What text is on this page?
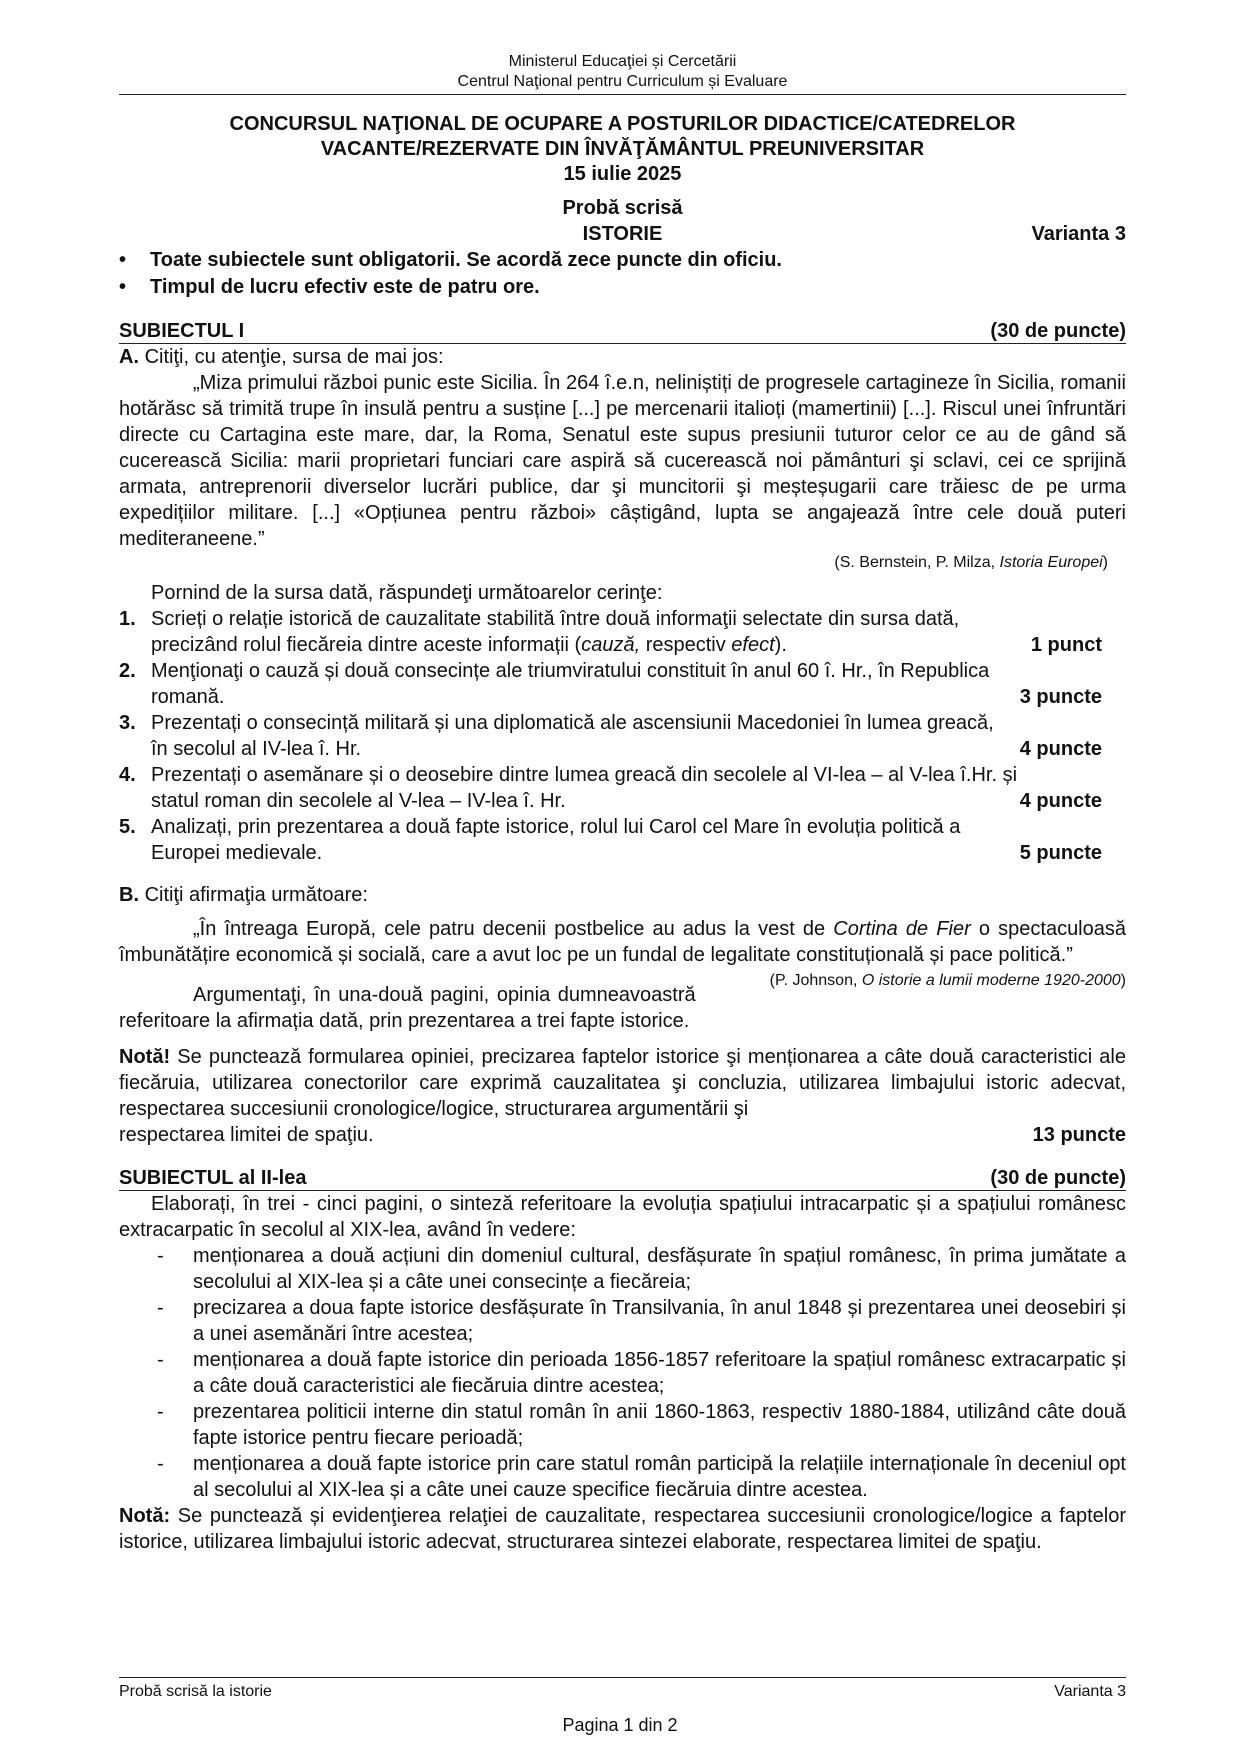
Ministerul Educaţiei și Cercetării
Centrul Naţional pentru Curriculum și Evaluare
CONCURSUL NAŢIONAL DE OCUPARE A POSTURILOR DIDACTICE/CATEDRELOR
VACANTE/REZERVATE DIN ÎNVĂŢĂMÂNTUL PREUNIVERSITAR
15 iulie 2025
Probă scrisă
ISTORIE	Varianta 3
• Toate subiectele sunt obligatorii. Se acordă zece puncte din oficiu.
• Timpul de lucru efectiv este de patru ore.
SUBIECTUL I	(30 de puncte)
A. Citiţi, cu atenţie, sursa de mai jos:
„Miza primului război punic este Sicilia. În 264 î.e.n, neliniștiți de progresele cartagineze în Sicilia, romanii hotărăsc să trimită trupe în insulă pentru a susține [...] pe mercenarii italioți (mamertinii) [...]. Riscul unei înfruntări directe cu Cartagina este mare, dar, la Roma, Senatul este supus presiunii tuturor celor ce au de gând să cucerească Sicilia: marii proprietari funciari care aspiră să cucerească noi pământuri şi sclavi, cei ce sprijină armata, antreprenorii diverselor lucrări publice, dar şi muncitorii şi meșteșugarii care trăiesc de pe urma expedițiilor militare. [...] «Opțiunea pentru război» câștigând, lupta se angajează între cele două puteri mediteraneene.”
(S. Bernstein, P. Milza, Istoria Europei)
Pornind de la sursa dată, răspundeţi următoarelor cerinţe:
1. Scrieți o relație istorică de cauzalitate stabilită între două informaţii selectate din sursa dată,
precizând rolul fiecăreia dintre aceste informații (cauză, respectiv efect).	1 punct
2. Menţionaţi o cauză și două consecințe ale triumviratului constituit în anul 60 î. Hr., în Republica
romană.	3 puncte
3. Prezentați o consecință militară și una diplomatică ale ascensiunii Macedoniei în lumea greacă,
în secolul al IV-lea î. Hr.	4 puncte
4. Prezentați o asemănare și o deosebire dintre lumea greacă din secolele al VI-lea – al V-lea î.Hr. și
statul roman din secolele al V-lea – IV-lea î. Hr.	4 puncte
5. Analizați, prin prezentarea a două fapte istorice, rolul lui Carol cel Mare în evoluția politică a
Europei medievale.	5 puncte
B. Citiţi afirmaţia următoare:
„În întreaga Europă, cele patru decenii postbelice au adus la vest de Cortina de Fier o spectaculoasă îmbunătățire economică și socială, care a avut loc pe un fundal de legalitate constituțională și pace politică.”
(P. Johnson, O istorie a lumii moderne 1920-2000)
Argumentaţi, în una-două pagini, opinia dumneavoastră referitoare la afirmația dată, prin prezentarea a trei fapte istorice.
Notă! Se punctează formularea opiniei, precizarea faptelor istorice şi menționarea a câte două caracteristici ale fiecăruia, utilizarea conectorilor care exprimă cauzalitatea şi concluzia, utilizarea limbajului istoric adecvat, respectarea succesiunii cronologice/logice, structurarea argumentării şi
respectarea limitei de spaţiu.	13 puncte
SUBIECTUL al II-lea	(30 de puncte)
Elaborați, în trei - cinci pagini, o sinteză referitoare la evoluția spațiului intracarpatic și a spațiului românesc extracarpatic în secolul al XIX-lea, având în vedere:
- menționarea a două acțiuni din domeniul cultural, desfășurate în spațiul românesc, în prima jumătate a secolului al XIX-lea și a câte unei consecințe a fiecăreia;
- precizarea a doua fapte istorice desfășurate în Transilvania, în anul 1848 și prezentarea unei deosebiri și a unei asemănări între acestea;
- menționarea a două fapte istorice din perioada 1856-1857 referitoare la spațiul românesc extracarpatic și a câte două caracteristici ale fiecăruia dintre acestea;
- prezentarea politicii interne din statul român în anii 1860-1863, respectiv 1880-1884, utilizând câte două fapte istorice pentru fiecare perioadă;
- menționarea a două fapte istorice prin care statul român participă la relațiile internaționale în deceniul opt al secolului al XIX-lea și a câte unei cauze specifice fiecăruia dintre acestea.
Notă: Se punctează și evidenţierea relaţiei de cauzalitate, respectarea succesiunii cronologice/logice a faptelor istorice, utilizarea limbajului istoric adecvat, structurarea sintezei elaborate, respectarea limitei de spaţiu.
Probă scrisă la istorie	Varianta 3
Pagina 1 din 2
